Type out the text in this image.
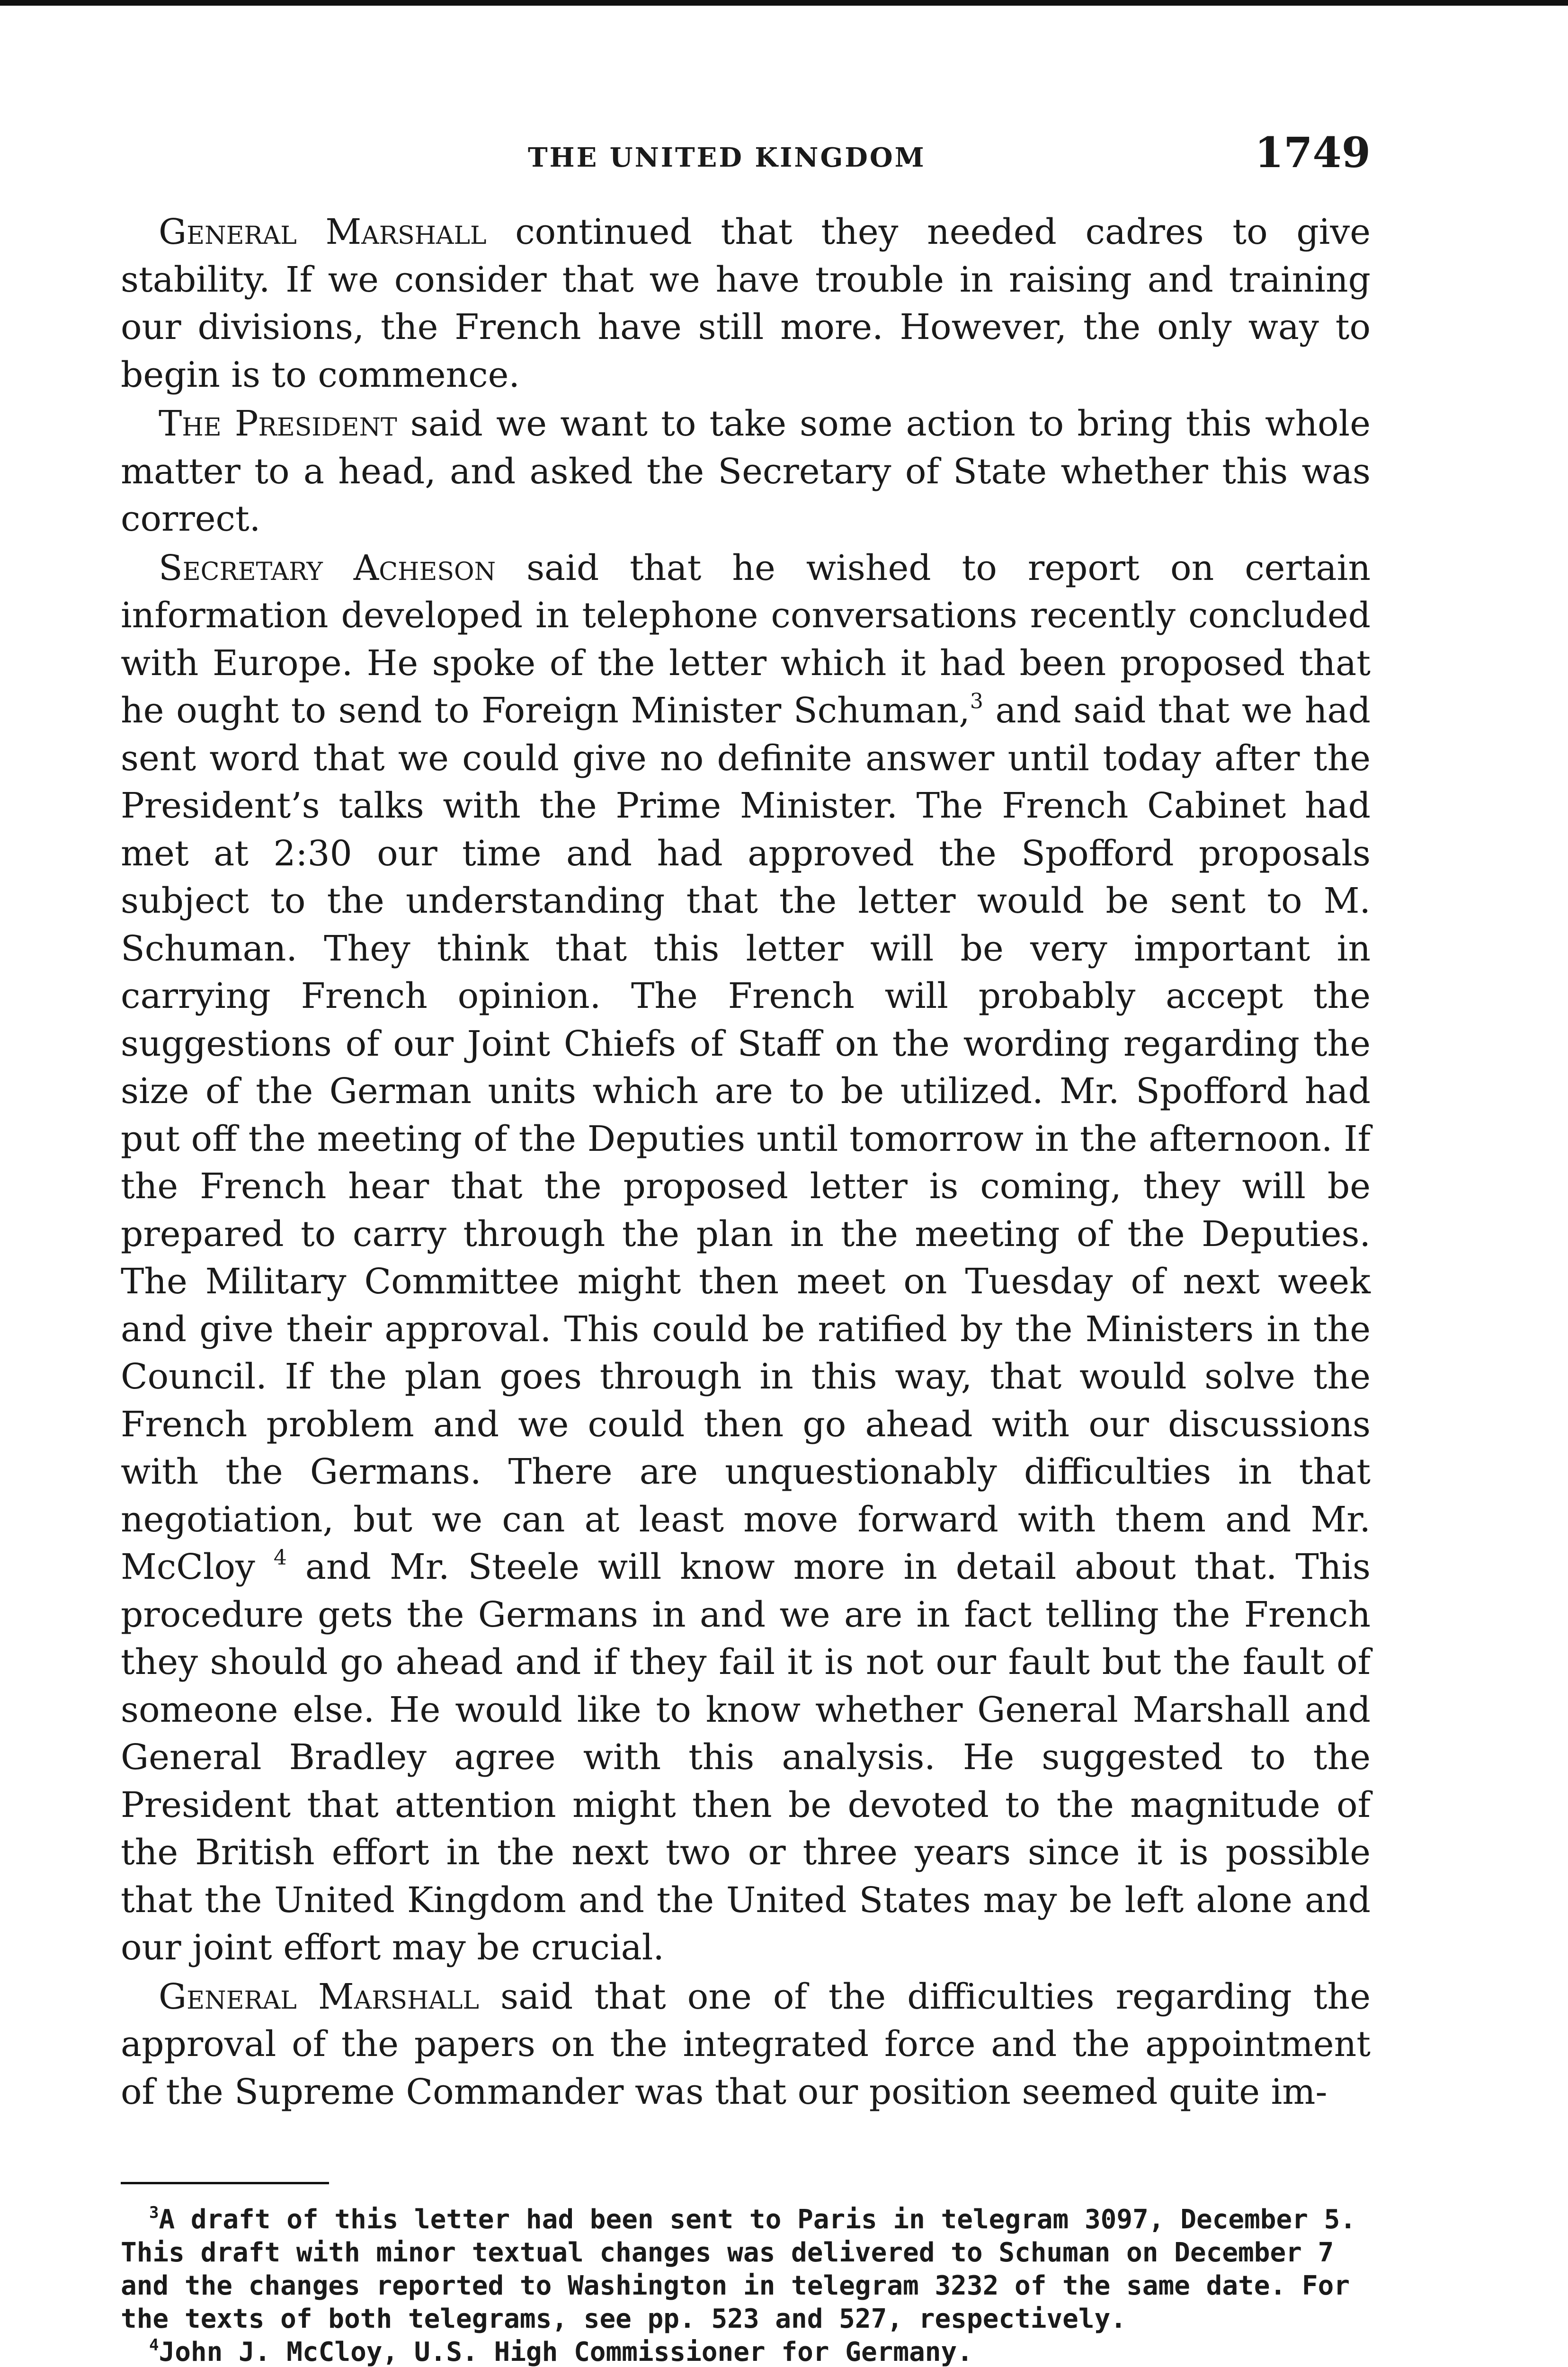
THE UNITED KINGDOM	1749

General Marshall continued that they needed cadres to give stability. If we consider that we have trouble in raising and training our divisions, the French have still more. However, the only way to begin is to commence.

The President said we want to take some action to bring this whole matter to a head, and asked the Secretary of State whether this was correct.

Secretary Acheson said that he wished to report on certain information developed in telephone conversations recently concluded with Europe. He spoke of the letter which it had been proposed that he ought to send to Foreign Minister Schuman,$^3$ and said that we had sent word that we could give no definite answer until today after the President’s talks with the Prime Minister. The French Cabinet had met at 2:30 our time and had approved the Spofford proposals subject to the understanding that the letter would be sent to M. Schuman. They think that this letter will be very important in carrying French opinion. The French will probably accept the suggestions of our Joint Chiefs of Staff on the wording regarding the size of the German units which are to be utilized. Mr. Spofford had put off the meeting of the Deputies until tomorrow in the afternoon. If the French hear that the proposed letter is coming, they will be prepared to carry through the plan in the meeting of the Deputies. The Military Committee might then meet on Tuesday of next week and give their approval. This could be ratified by the Ministers in the Council. If the plan goes through in this way, that would solve the French problem and we could then go ahead with our discussions with the Germans. There are unquestionably difficulties in that negotiation, but we can at least move forward with them and Mr. McCloy $^4$ and Mr. Steele will know more in detail about that. This procedure gets the Germans in and we are in fact telling the French they should go ahead and if they fail it is not our fault but the fault of someone else. He would like to know whether General Marshall and General Bradley agree with this analysis. He suggested to the President that attention might then be devoted to the magnitude of the British effort in the next two or three years since it is possible that the United Kingdom and the United States may be left alone and our joint effort may be crucial.

General Marshall said that one of the difficulties regarding the approval of the papers on the integrated force and the appointment of the Supreme Commander was that our position seemed quite im-

$^3$A draft of this letter had been sent to Paris in telegram 3097, December 5. This draft with minor textual changes was delivered to Schuman on December 7 and the changes reported to Washington in telegram 3232 of the same date. For the texts of both telegrams, see pp. 523 and 527, respectively.

$^4$John J. McCloy, U.S. High Commissioner for Germany.
